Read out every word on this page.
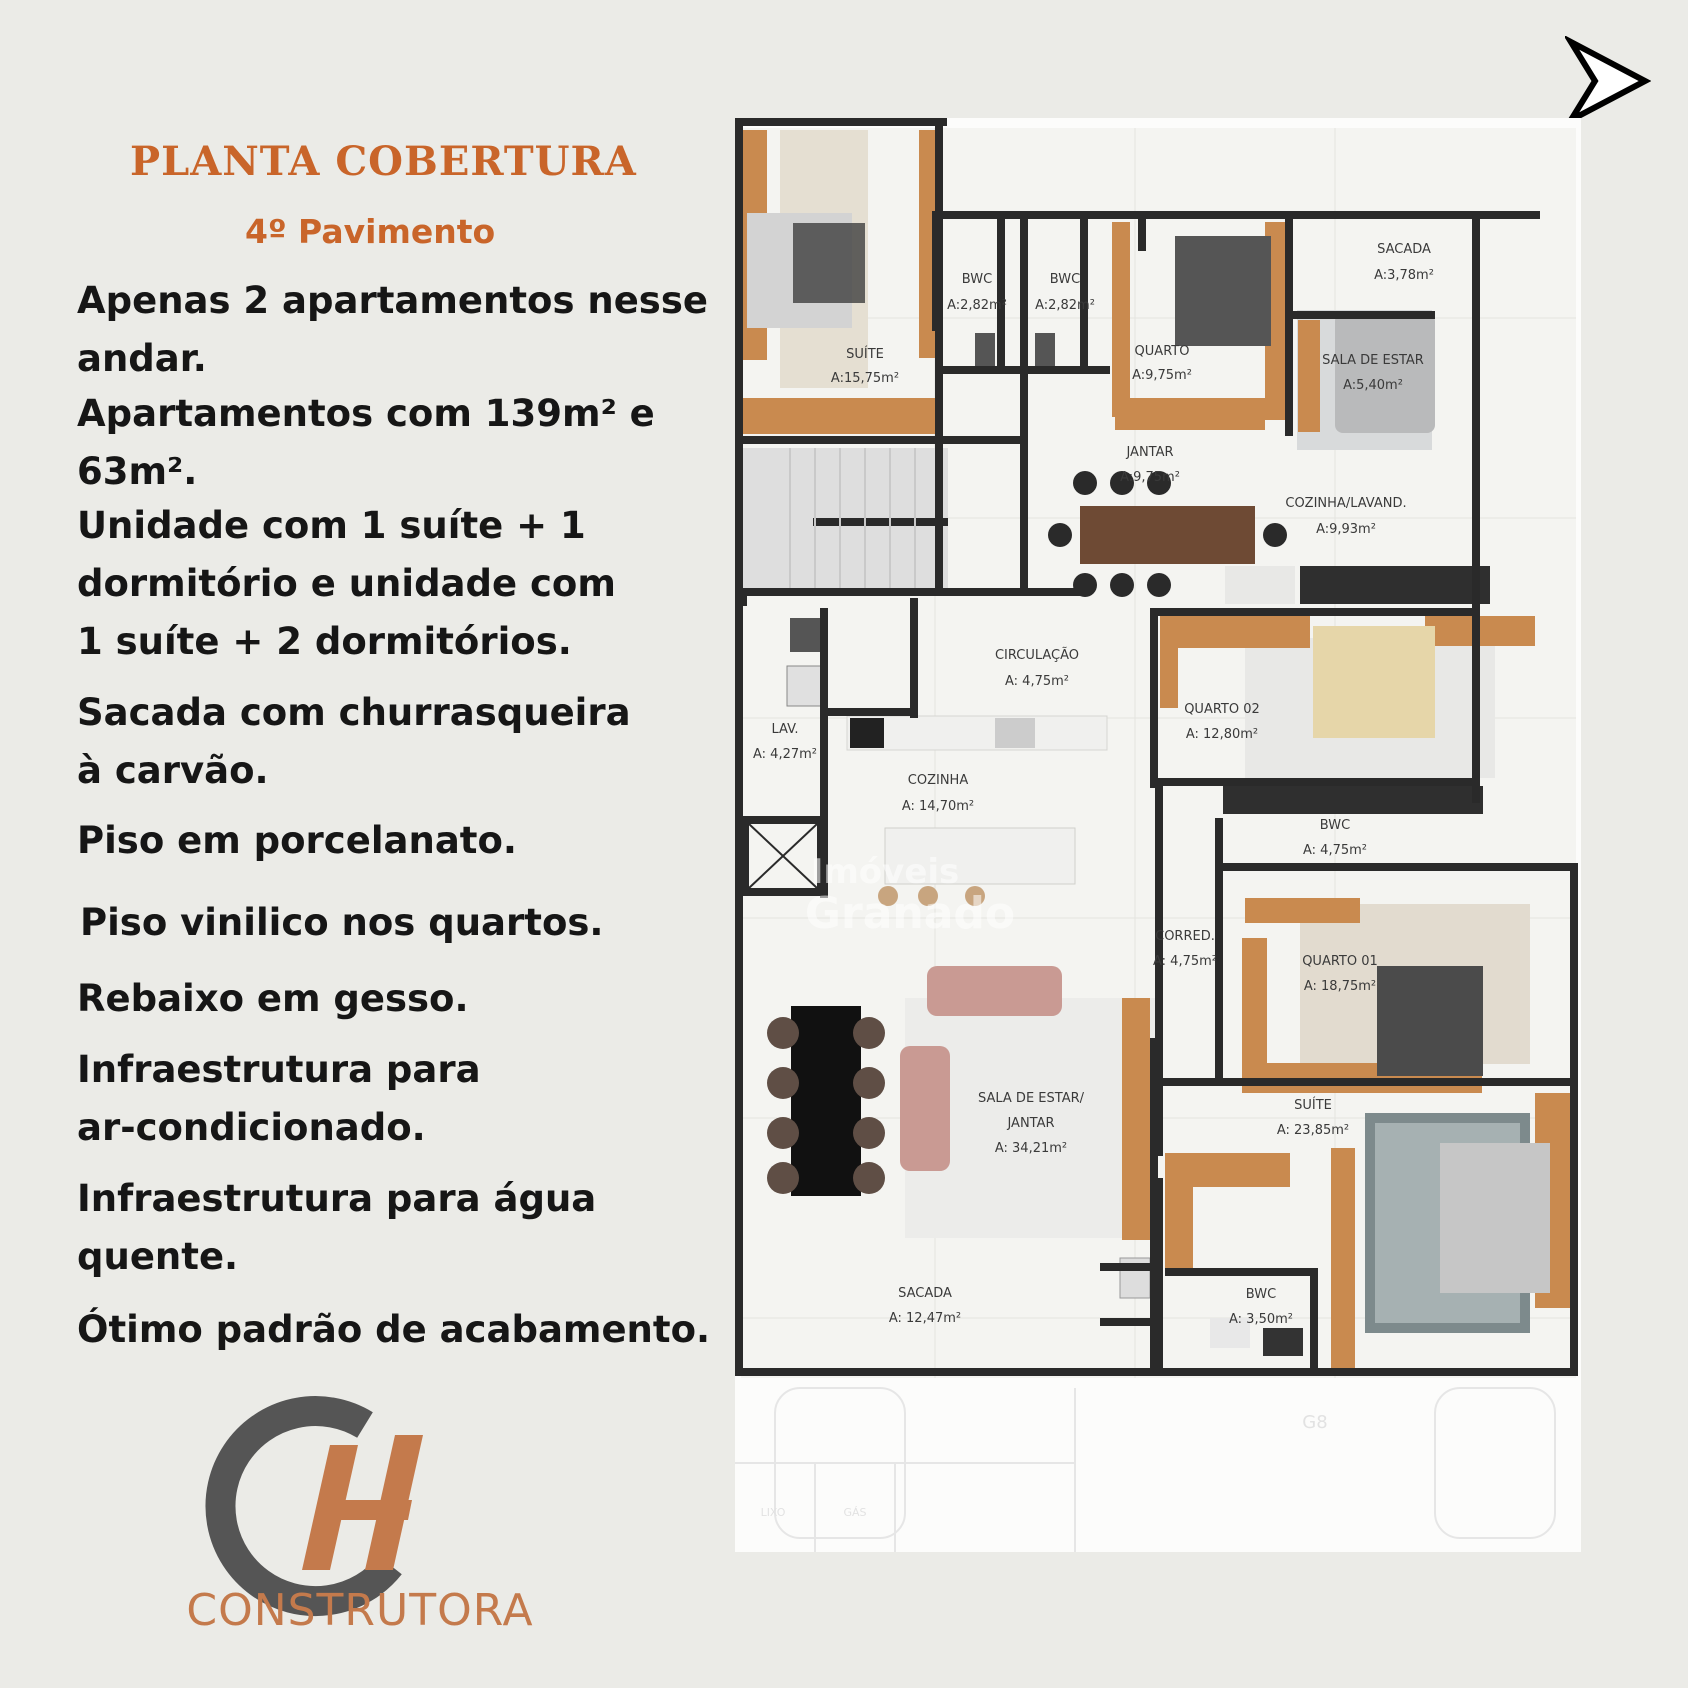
PLANTA COBERTURA
4º Pavimento
Apenas 2 apartamentos nesse
andar.
Apartamentos com 139m² e
63m².
Unidade com 1 suíte + 1
dormitório e unidade com
1 suíte + 2 dormitórios.
Sacada com churrasqueira
à carvão.
Piso em porcelanato.
Piso vinilico nos quartos.
Rebaixo em gesso.
Infraestrutura para
ar-condicionado.
Infraestrutura para água
quente.
Ótimo padrão de acabamento.
SUÍTE
A:15,75m²
BWC
A:2,82m²
BWC
A:2,82m²
QUARTO
A:9,75m²
SACADA
A:3,78m²
SALA DE ESTAR
A:5,40m²
JANTAR
A:9,75m²
COZINHA/LAVAND.
A:9,93m²
CIRCULAÇÃO
A: 4,75m²
QUARTO 02
A: 12,80m²
LAV.
A: 4,27m²
COZINHA
A: 14,70m²
BWC
A: 4,75m²
CORRED.
A: 4,75m²	QUARTO 01
A: 18,75m²
SALA DE ESTAR/
JANTAR
A: 34,21m²
SUÍTE
A: 23,85m²
SACADA
A: 12,47m²
BWC
A: 3,50m²
G8
LIXO	GÁS
Imóveis
Granado
CONSTRUTORA
